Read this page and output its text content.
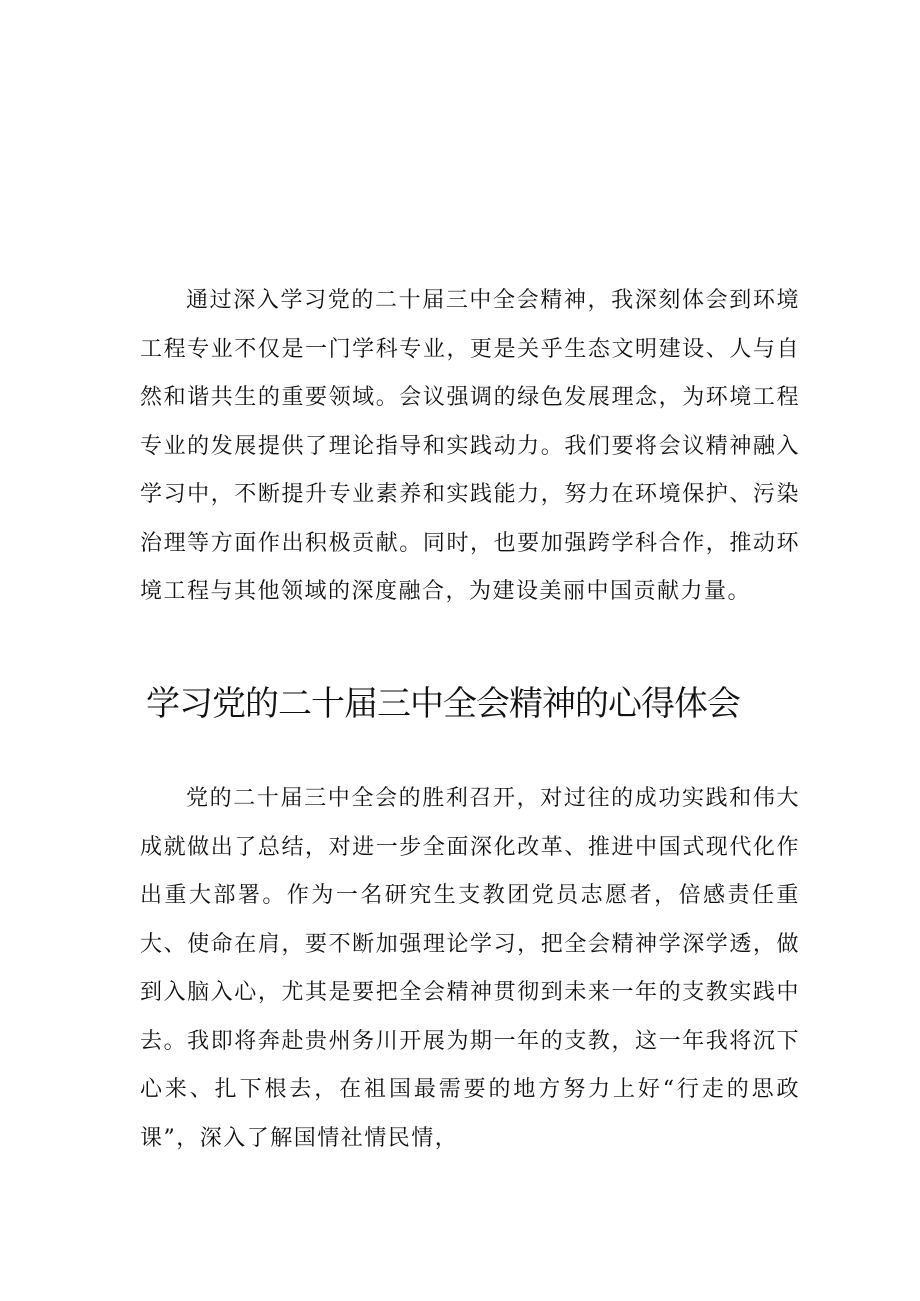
通过深入学习党的二十届三中全会精神，我深刻体会到环境工程专业不仅是一门学科专业，更是关乎生态文明建设、人与自然和谐共生的重要领域。会议强调的绿色发展理念，为环境工程专业的发展提供了理论指导和实践动力。我们要将会议精神融入学习中，不断提升专业素养和实践能力，努力在环境保护、污染治理等方面作出积极贡献。同时，也要加强跨学科合作，推动环境工程与其他领域的深度融合，为建设美丽中国贡献力量。

学习党的二十届三中全会精神的心得体会

党的二十届三中全会的胜利召开，对过往的成功实践和伟大成就做出了总结，对进一步全面深化改革、推进中国式现代化作出重大部署。作为一名研究生支教团党员志愿者，倍感责任重大、使命在肩，要不断加强理论学习，把全会精神学深学透，做到入脑入心，尤其是要把全会精神贯彻到未来一年的支教实践中去。我即将奔赴贵州务川开展为期一年的支教，这一年我将沉下心来、扎下根去，在祖国最需要的地方努力上好“行走的思政课”，深入了解国情社情民情，
